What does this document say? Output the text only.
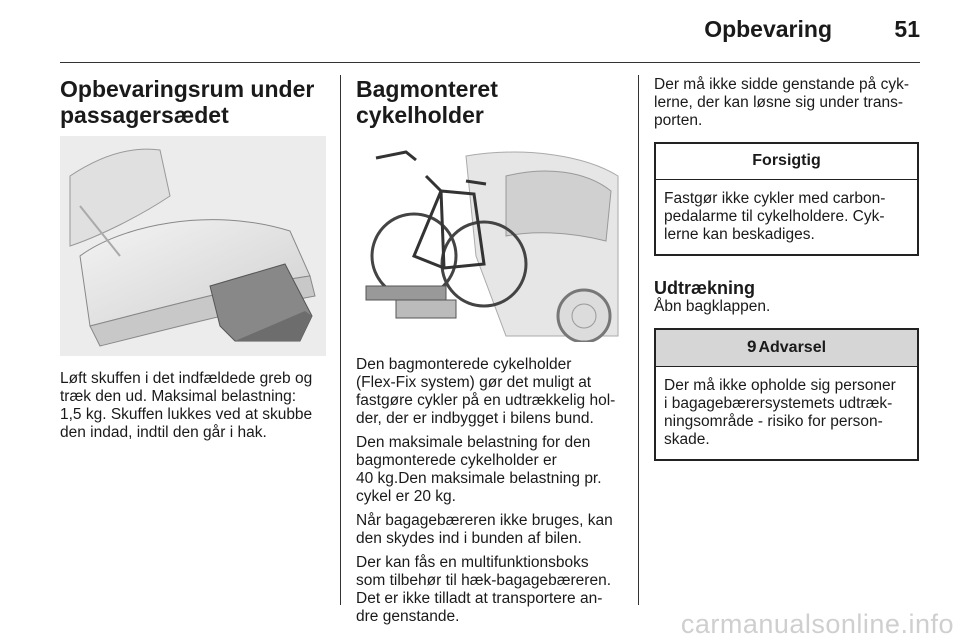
Opbevaring	51
Opbevaringsrum under
passagersædet

Løft skuffen i det indfældede greb og
træk den ud. Maksimal belastning:
1,5 kg. Skuffen lukkes ved at skubbe
den indad, indtil den går i hak.

Bagmonteret cykelholder

Den bagmonterede cykelholder
(Flex-Fix system) gør det muligt at
fastgøre cykler på en udtrækkelig hol-
der, der er indbygget i bilens bund.

Den maksimale belastning for den
bagmonterede cykelholder er
40 kg.Den maksimale belastning pr.
cykel er 20 kg.

Når bagagebæreren ikke bruges, kan
den skydes ind i bunden af bilen.

Der kan fås en multifunktionsboks
som tilbehør til hæk-bagagebæreren.
Det er ikke tilladt at transportere an-
dre genstande.

Der må ikke sidde genstande på cyk-
lerne, der kan løsne sig under trans-
porten.

Forsigtig
Fastgør ikke cykler med carbon-
pedalarme til cykelholdere. Cyk-
lerne kan beskadiges.
Udtrækning

Åbn bagklappen.

9 Advarsel
Der må ikke opholde sig personer
i bagagebærersystemets udtræk-
ningsområde - risiko for person-
skade.
carmanualsonline.info
